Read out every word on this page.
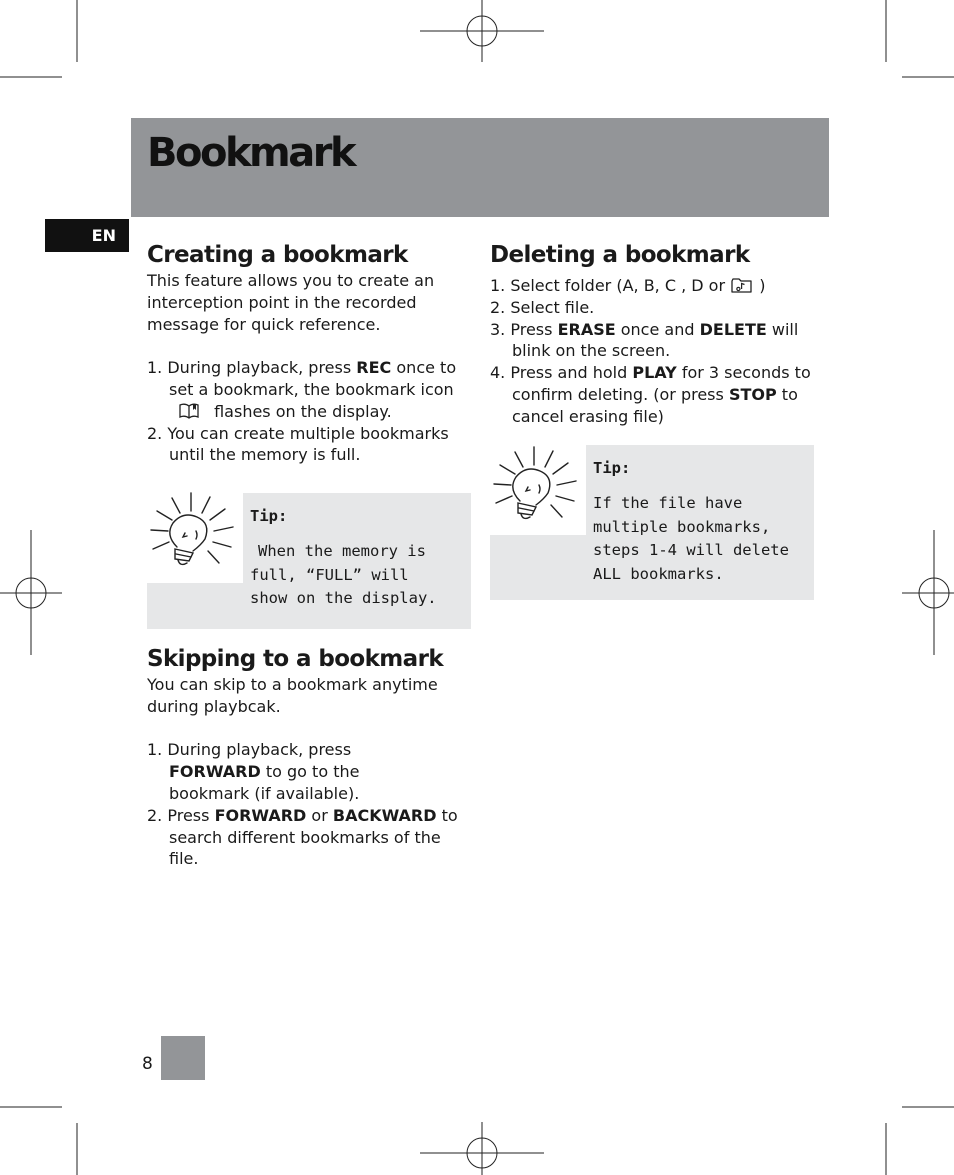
Bookmark
EN
Creating a bookmark

This feature allows you to create an interception point in the recorded message for quick reference.

1. During playback, press REC once to set a bookmark, the bookmark icon  flashes on the display.
2. You can create multiple bookmarks until the memory is full.
Tip:
When the memory is full, “FULL” will show on the display.
Skipping to a bookmark

You can skip to a bookmark anytime during playbcak.

1. During playback, press FORWARD to go to the bookmark (if available).
2. Press FORWARD or BACKWARD to search different bookmarks of the file.
Deleting a bookmark
1. Select folder (A, B, C , D or )
2. Select file.
3. Press ERASE once and DELETE will blink on the screen.
4. Press and hold PLAY for 3 seconds to confirm deleting. (or press STOP to cancel erasing file)
Tip:
If the file have multiple bookmarks, steps 1-4 will delete ALL bookmarks.
8
